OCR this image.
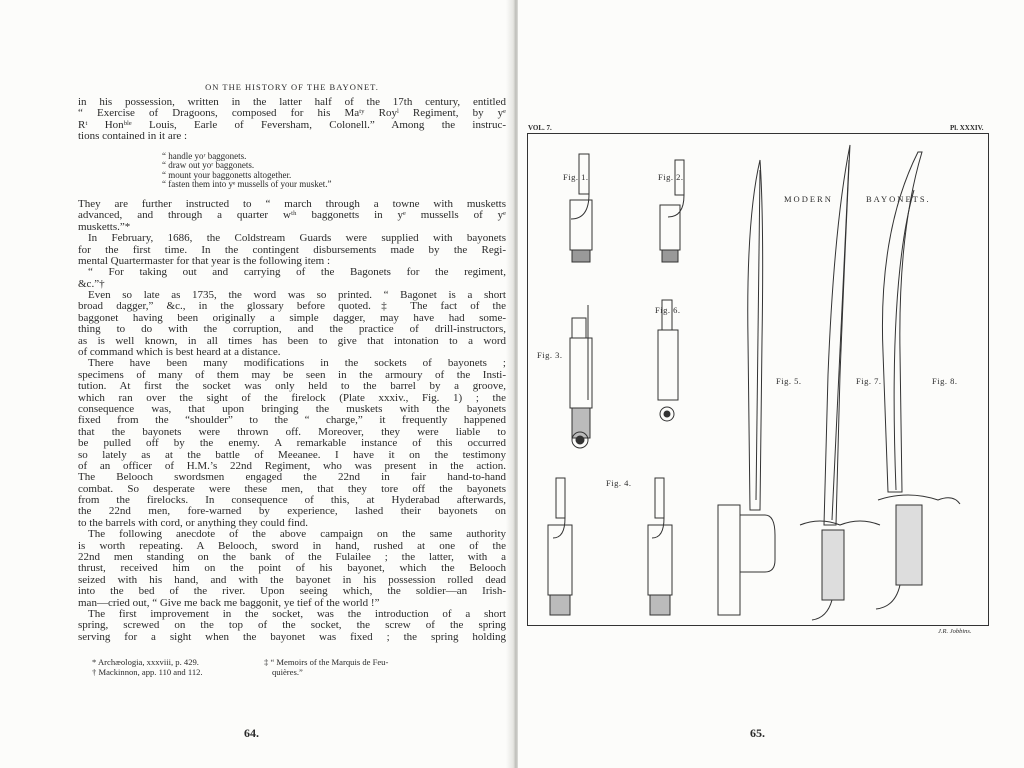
ON THE HISTORY OF THE BAYONET.
in his possession, written in the latter half of the 17th century, entitled
“ Exercise of Dragoons, composed for his Maᵗʸ Royˡ Regiment, by yᵉ
Rᵗ Honᵇˡᵉ Louis, Earle of Feversham, Colonell.” Among the instruc-
tions contained in it are :
“ handle yoʳ baggonets.
“ draw out yoʳ baggonets.
“ mount your baggonetts altogether.
“ fasten them into yᵉ mussells of your musket.”
They are further instructed to “ march through a towne with musketts
advanced, and through a quarter wᵗʰ baggonetts in yᵉ mussells of yᵉ
musketts.”*
In February, 1686, the Coldstream Guards were supplied with bayonets
for the first time. In the contingent disbursements made by the Regi-
mental Quartermaster for that year is the following item :
“ For taking out and carrying of the Bagonets for the regiment,
&c.”†
Even so late as 1735, the word was so printed. “ Bagonet is a short
broad dagger,” &c., in the glossary before quoted.‡ The fact of the
baggonet having been originally a simple dagger, may have had some-
thing to do with the corruption, and the practice of drill-instructors,
as is well known, in all times has been to give that intonation to a word
of command which is best heard at a distance.
There have been many modifications in the sockets of bayonets ;
specimens of many of them may be seen in the armoury of the Insti-
tution. At first the socket was only held to the barrel by a groove,
which ran over the sight of the firelock (Plate xxxiv., Fig. 1) ; the
consequence was, that upon bringing the muskets with the bayonets
fixed from the “shoulder” to the “ charge,” it frequently happened
that the bayonets were thrown off. Moreover, they were liable to
be pulled off by the enemy. A remarkable instance of this occurred
so lately as at the battle of Meeanee. I have it on the testimony
of an officer of H.M.’s 22nd Regiment, who was present in the action.
The Belooch swordsmen engaged the 22nd in fair hand-to-hand
combat. So desperate were these men, that they tore off the bayonets
from the firelocks. In consequence of this, at Hyderabad afterwards,
the 22nd men, fore-warned by experience, lashed their bayonets on
to the barrels with cord, or anything they could find.
The following anecdote of the above campaign on the same authority
is worth repeating. A Belooch, sword in hand, rushed at one of the
22nd men standing on the bank of the Fulailee ; the latter, with a
thrust, received him on the point of his bayonet, which the Belooch
seized with his hand, and with the bayonet in his possession rolled dead
into the bed of the river. Upon seeing which, the soldier—an Irish-
man—cried out, “ Give me back me baggonit, ye tief of the world !”
The first improvement in the socket, was the introduction of a short
spring, screwed on the top of the socket, the screw of the spring
serving for a sight when the bayonet was fixed ; the spring holding
* Archæologia, xxxviii, p. 429.
† Mackinnon, app. 110 and 112.
‡ “ Memoirs of the Marquis de Feu-
quières.”
64.
VOL. 7.	Pl. XXXIV.
Fig. 1.	Fig. 2.
Fig. 3.
Fig. 4.
Fig. 5.
Fig. 6.
Fig. 7.	Fig. 8.
MODERN	BAYONETS.
J.R. Jobbins.
65.
